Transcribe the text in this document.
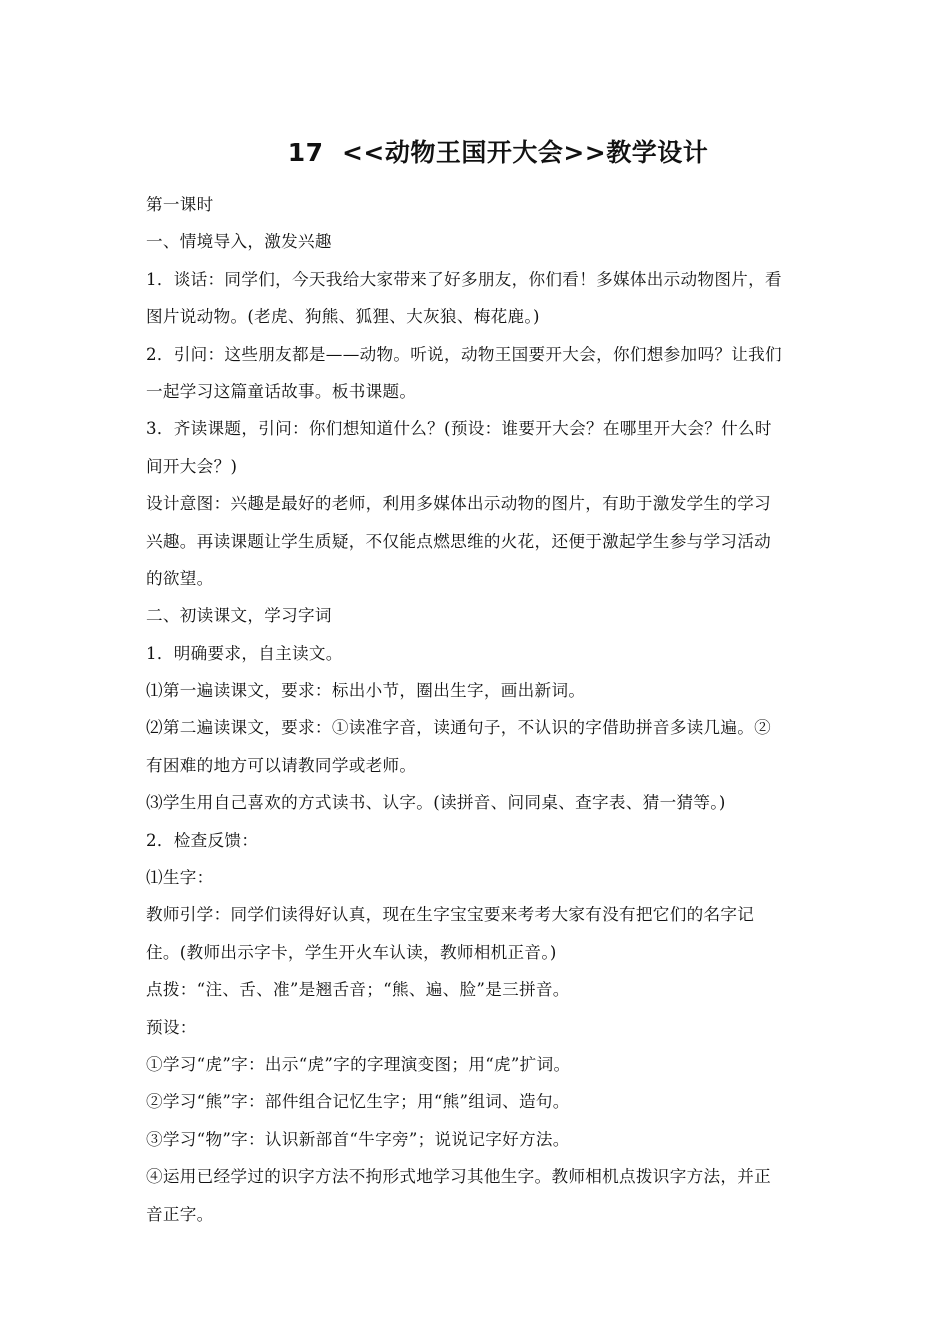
17  <<动物王国开大会>>教学设计
第一课时
一、情境导入，激发兴趣
1．谈话：同学们，今天我给大家带来了好多朋友，你们看！多媒体出示动物图片，看
图片说动物。(老虎、狗熊、狐狸、大灰狼、梅花鹿。)
2．引问：这些朋友都是——动物。听说，动物王国要开大会，你们想参加吗？让我们
一起学习这篇童话故事。板书课题。
3．齐读课题，引问：你们想知道什么？(预设：谁要开大会？在哪里开大会？什么时
间开大会？)
设计意图：兴趣是最好的老师，利用多媒体出示动物的图片，有助于激发学生的学习
兴趣。再读课题让学生质疑，不仅能点燃思维的火花，还便于激起学生参与学习活动
的欲望。
二、初读课文，学习字词
1．明确要求，自主读文。
⑴第一遍读课文，要求：标出小节，圈出生字，画出新词。
⑵第二遍读课文，要求：①读准字音，读通句子，不认识的字借助拼音多读几遍。②
有困难的地方可以请教同学或老师。
⑶学生用自己喜欢的方式读书、认字。(读拼音、问同桌、查字表、猜一猜等。)
2．检查反馈：
⑴生字：
教师引学：同学们读得好认真，现在生字宝宝要来考考大家有没有把它们的名字记
住。(教师出示字卡，学生开火车认读，教师相机正音。)
点拨：“注、舌、准”是翘舌音；“熊、遍、脸”是三拼音。
预设：
①学习“虎”字：出示“虎”字的字理演变图；用“虎”扩词。
②学习“熊”字：部件组合记忆生字；用“熊”组词、造句。
③学习“物”字：认识新部首“牛字旁”；说说记字好方法。
④运用已经学过的识字方法不拘形式地学习其他生字。教师相机点拨识字方法，并正
音正字。
